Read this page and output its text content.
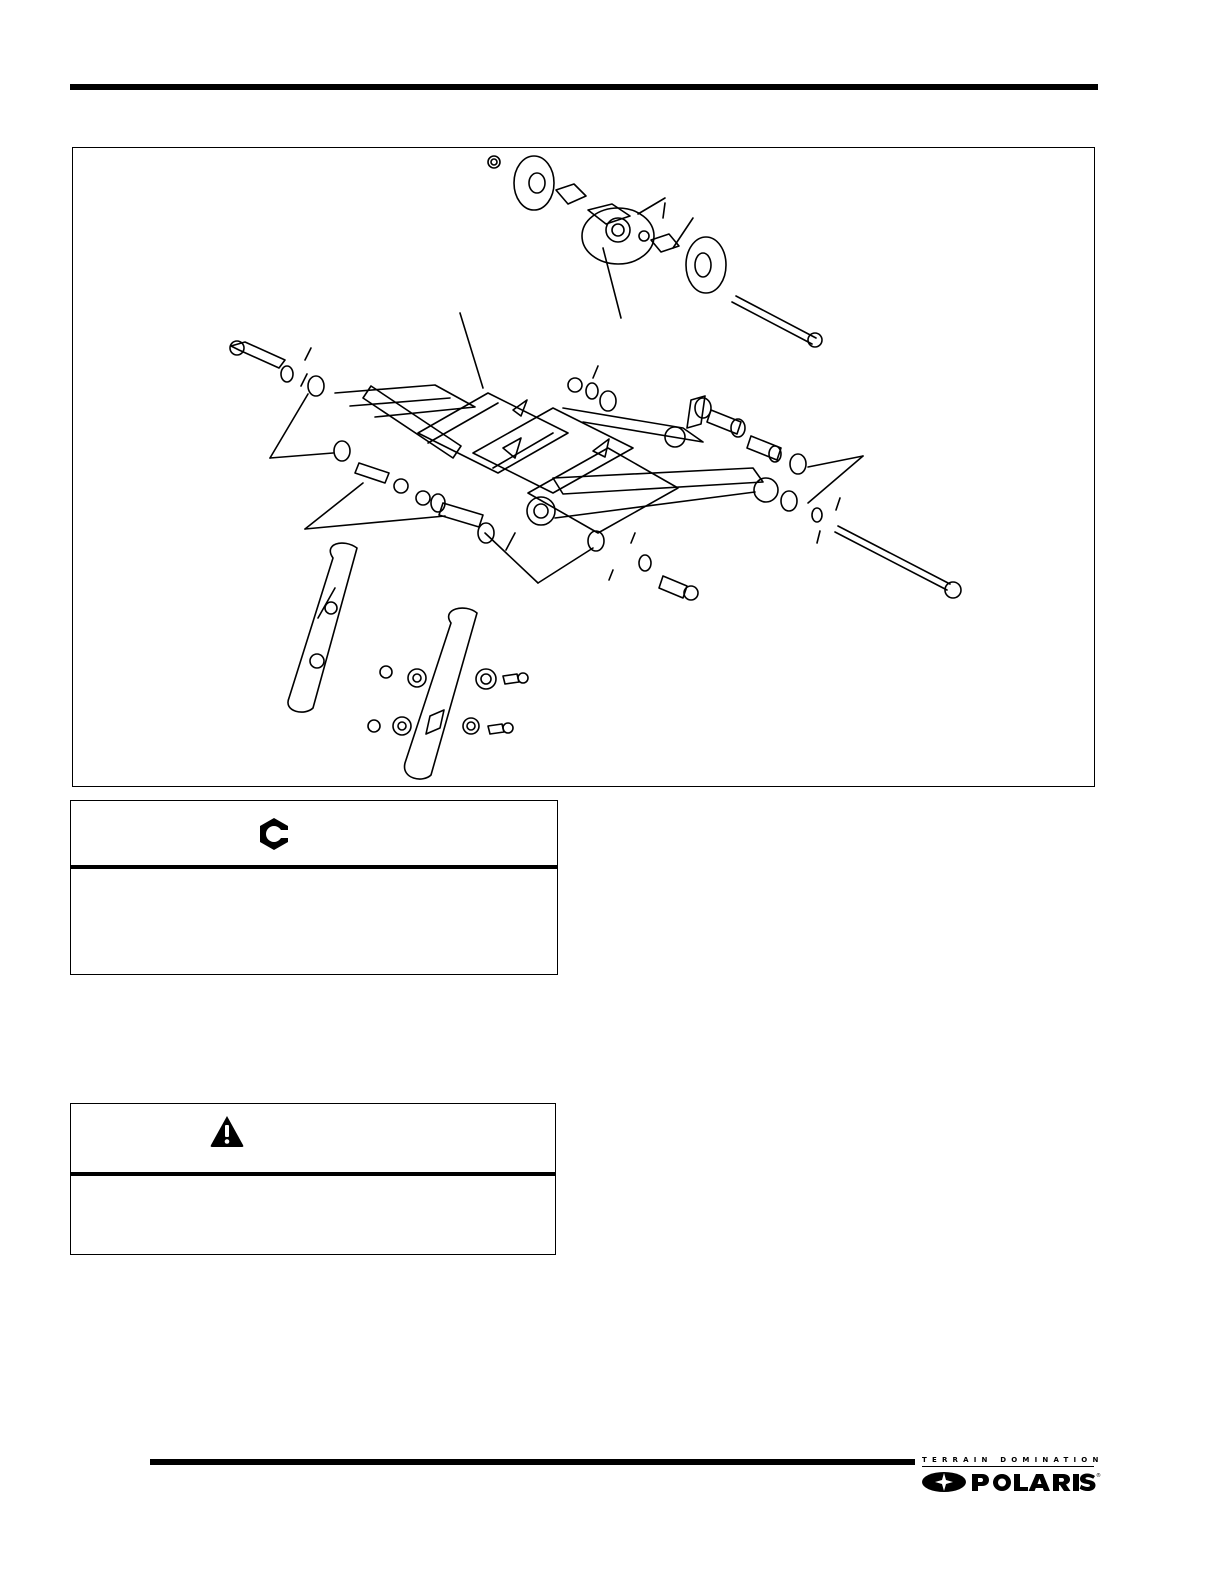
TERRAIN DOMINATION
®
